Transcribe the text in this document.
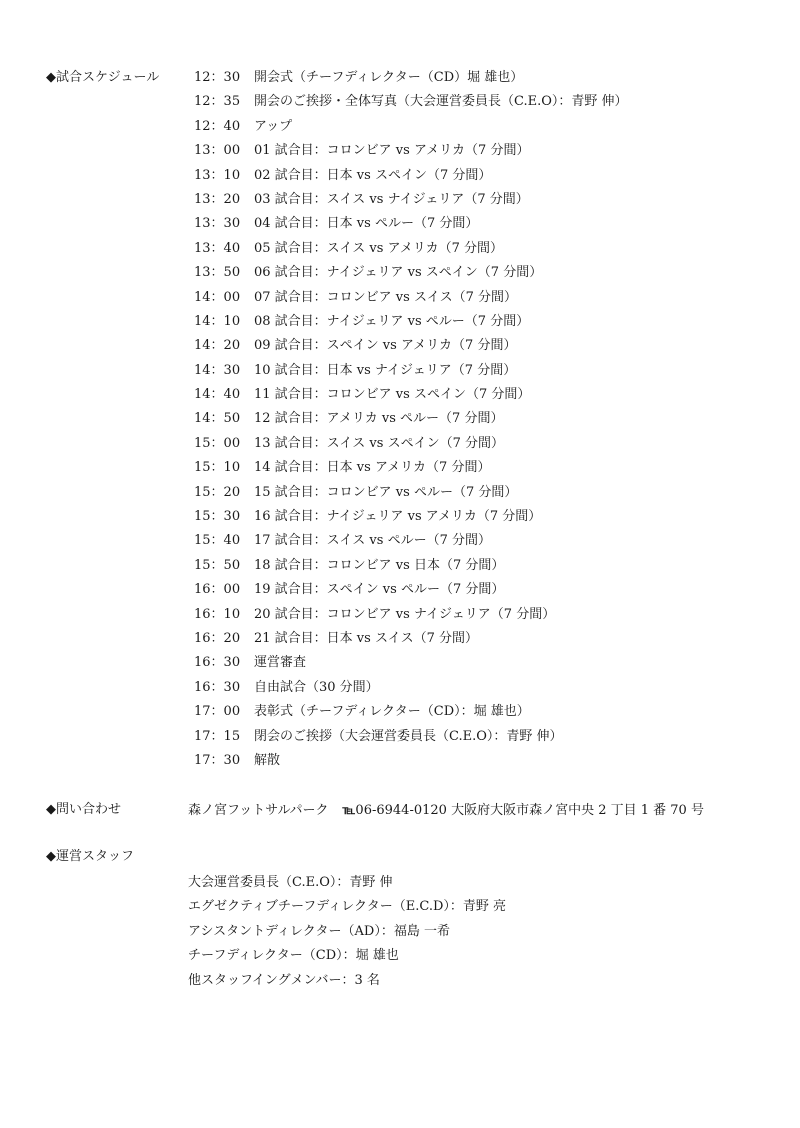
◆試合スケジュール	12：30 開会式（チーフディレクター（CD）堀 雄也）
12：35 開会のご挨拶・全体写真（大会運営委員長（C.E.O）：青野 伸）
12：40 アップ
13：00 01 試合目：コロンビア vs アメリカ（7 分間）
13：10 02 試合目：日本 vs スペイン（7 分間）
13：20 03 試合目：スイス vs ナイジェリア（7 分間）
13：30 04 試合目：日本 vs ペルー（7 分間）
13：40 05 試合目：スイス vs アメリカ（7 分間）
13：50 06 試合目：ナイジェリア vs スペイン（7 分間）
14：00 07 試合目：コロンビア vs スイス（7 分間）
14：10 08 試合目：ナイジェリア vs ペルー（7 分間）
14：20 09 試合目：スペイン vs アメリカ（7 分間）
14：30 10 試合目：日本 vs ナイジェリア（7 分間）
14：40 11 試合目：コロンビア vs スペイン（7 分間）
14：50 12 試合目：アメリカ vs ペルー（7 分間）
15：00 13 試合目：スイス vs スペイン（7 分間）
15：10 14 試合目：日本 vs アメリカ（7 分間）
15：20 15 試合目：コロンビア vs ペルー（7 分間）
15：30 16 試合目：ナイジェリア vs アメリカ（7 分間）
15：40 17 試合目：スイス vs ペルー（7 分間）
15：50 18 試合目：コロンビア vs 日本（7 分間）
16：00 19 試合目：スペイン vs ペルー（7 分間）
16：10 20 試合目：コロンビア vs ナイジェリア（7 分間）
16：20 21 試合目：日本 vs スイス（7 分間）
16：30 運営審査
16：30 自由試合（30 分間）
17：00 表彰式（チーフディレクター（CD）：堀 雄也）
17：15 閉会のご挨拶（大会運営委員長（C.E.O）：青野 伸）
17：30 解散
◆問い合わせ	森ノ宮フットサルパーク ℡06-6944-0120 大阪府大阪市森ノ宮中央 2 丁目 1 番 70 号
◆運営スタッフ
大会運営委員長（C.E.O）：青野 伸
エグゼクティブチーフディレクター（E.C.D）：青野 亮
アシスタントディレクター（AD）：福島 一希
チーフディレクター（CD）：堀 雄也
他スタッフイングメンバー：3 名
